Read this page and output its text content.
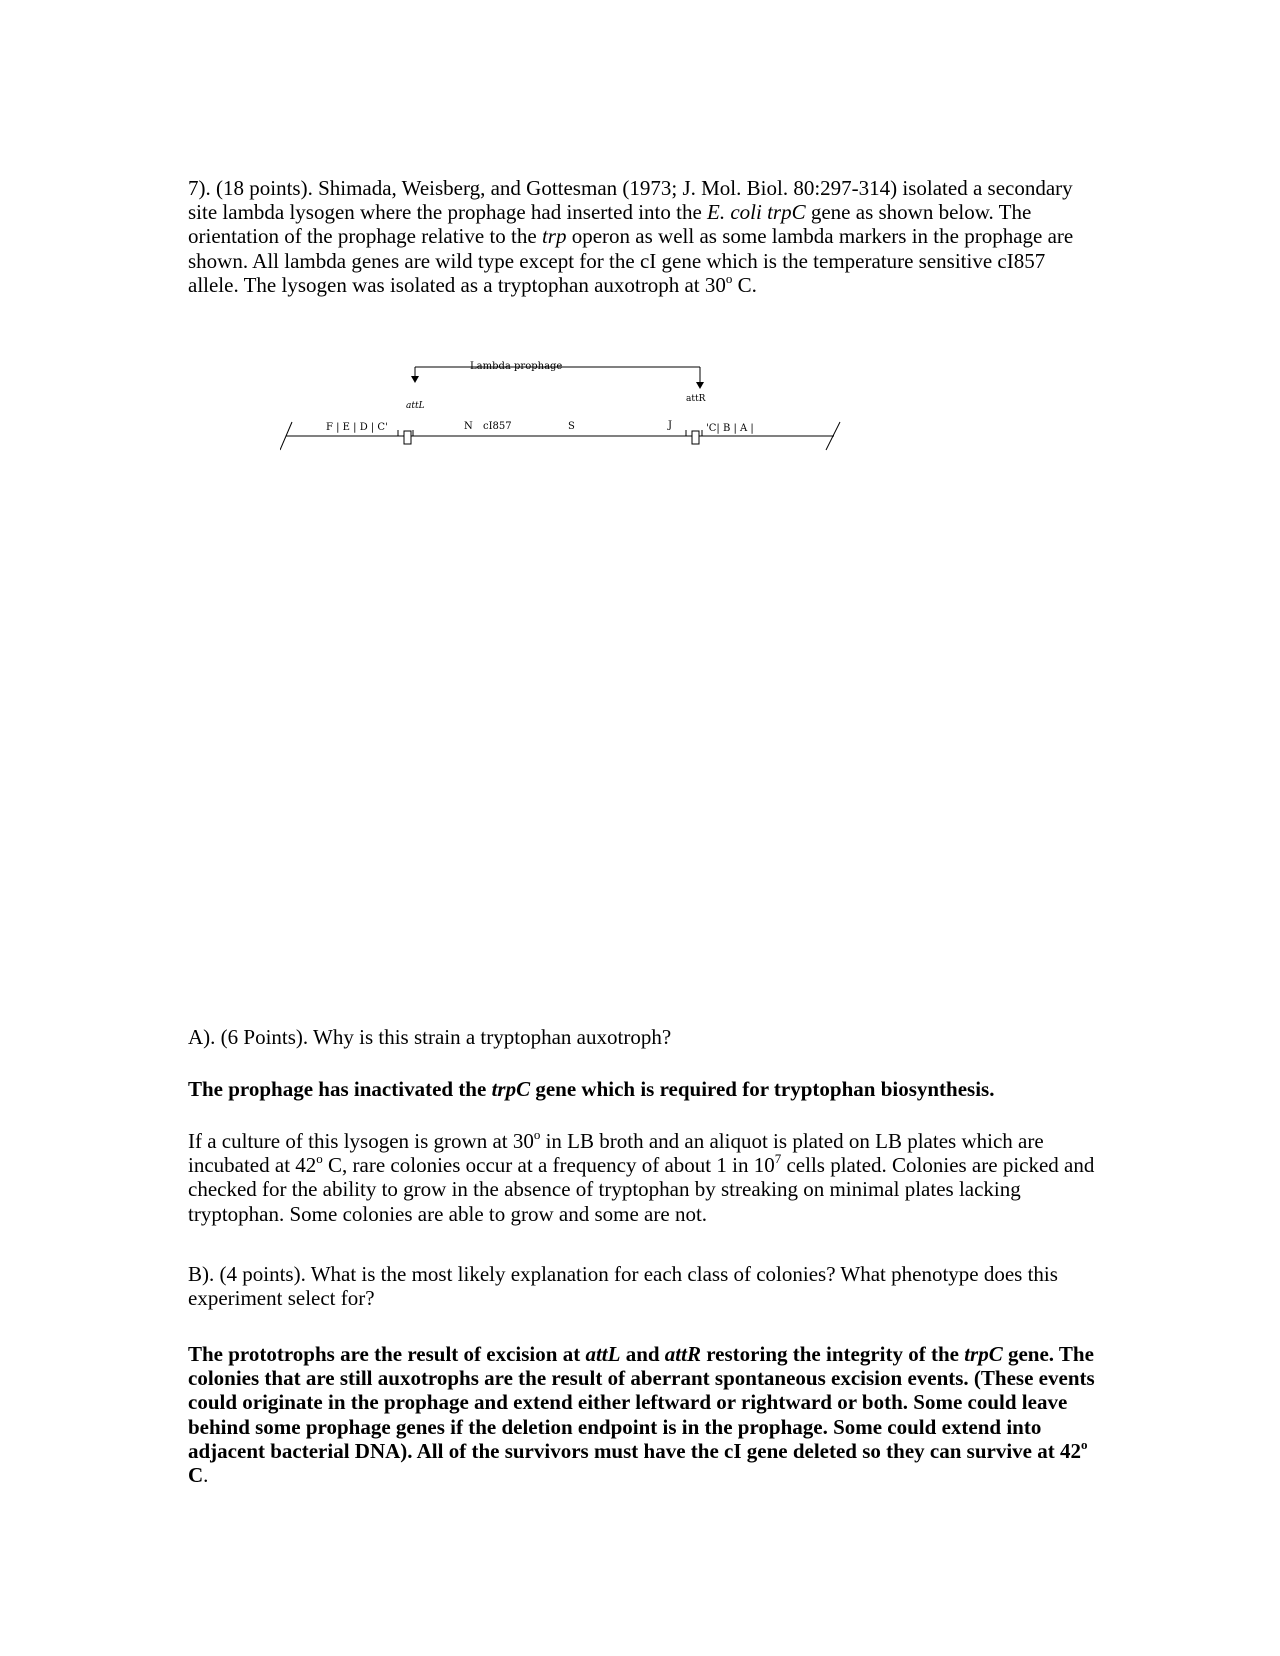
7). (18 points). Shimada, Weisberg, and Gottesman (1973; J. Mol. Biol. 80:297-314) isolated a secondary site lambda lysogen where the prophage had inserted into the E. coli trpC gene as shown below. The orientation of the prophage relative to the trp operon as well as some lambda markers in the prophage are shown. All lambda genes are wild type except for the cI gene which is the temperature sensitive cI857 allele. The lysogen was isolated as a tryptophan auxotroph at 30$^o$ C.

Lambda prophage
attL
attR
F | E | D | C'	N cI857	S	J	'C| B | A |

A). (6 Points). Why is this strain a tryptophan auxotroph?

The prophage has inactivated the trpC gene which is required for tryptophan biosynthesis.

If a culture of this lysogen is grown at 30$^o$ in LB broth and an aliquot is plated on LB plates which are incubated at 42$^o$ C, rare colonies occur at a frequency of about 1 in $10^7$ cells plated. Colonies are picked and checked for the ability to grow in the absence of tryptophan by streaking on minimal plates lacking tryptophan. Some colonies are able to grow and some are not.

B). (4 points). What is the most likely explanation for each class of colonies? What phenotype does this experiment select for?

The prototrophs are the result of excision at attL and attR restoring the integrity of the trpC gene. The colonies that are still auxotrophs are the result of aberrant spontaneous excision events. (These events could originate in the prophage and extend either leftward or rightward or both. Some could leave behind some prophage genes if the deletion endpoint is in the prophage. Some could extend into adjacent bacterial DNA). All of the survivors must have the cI gene deleted so they can survive at 42$^o$ C.
